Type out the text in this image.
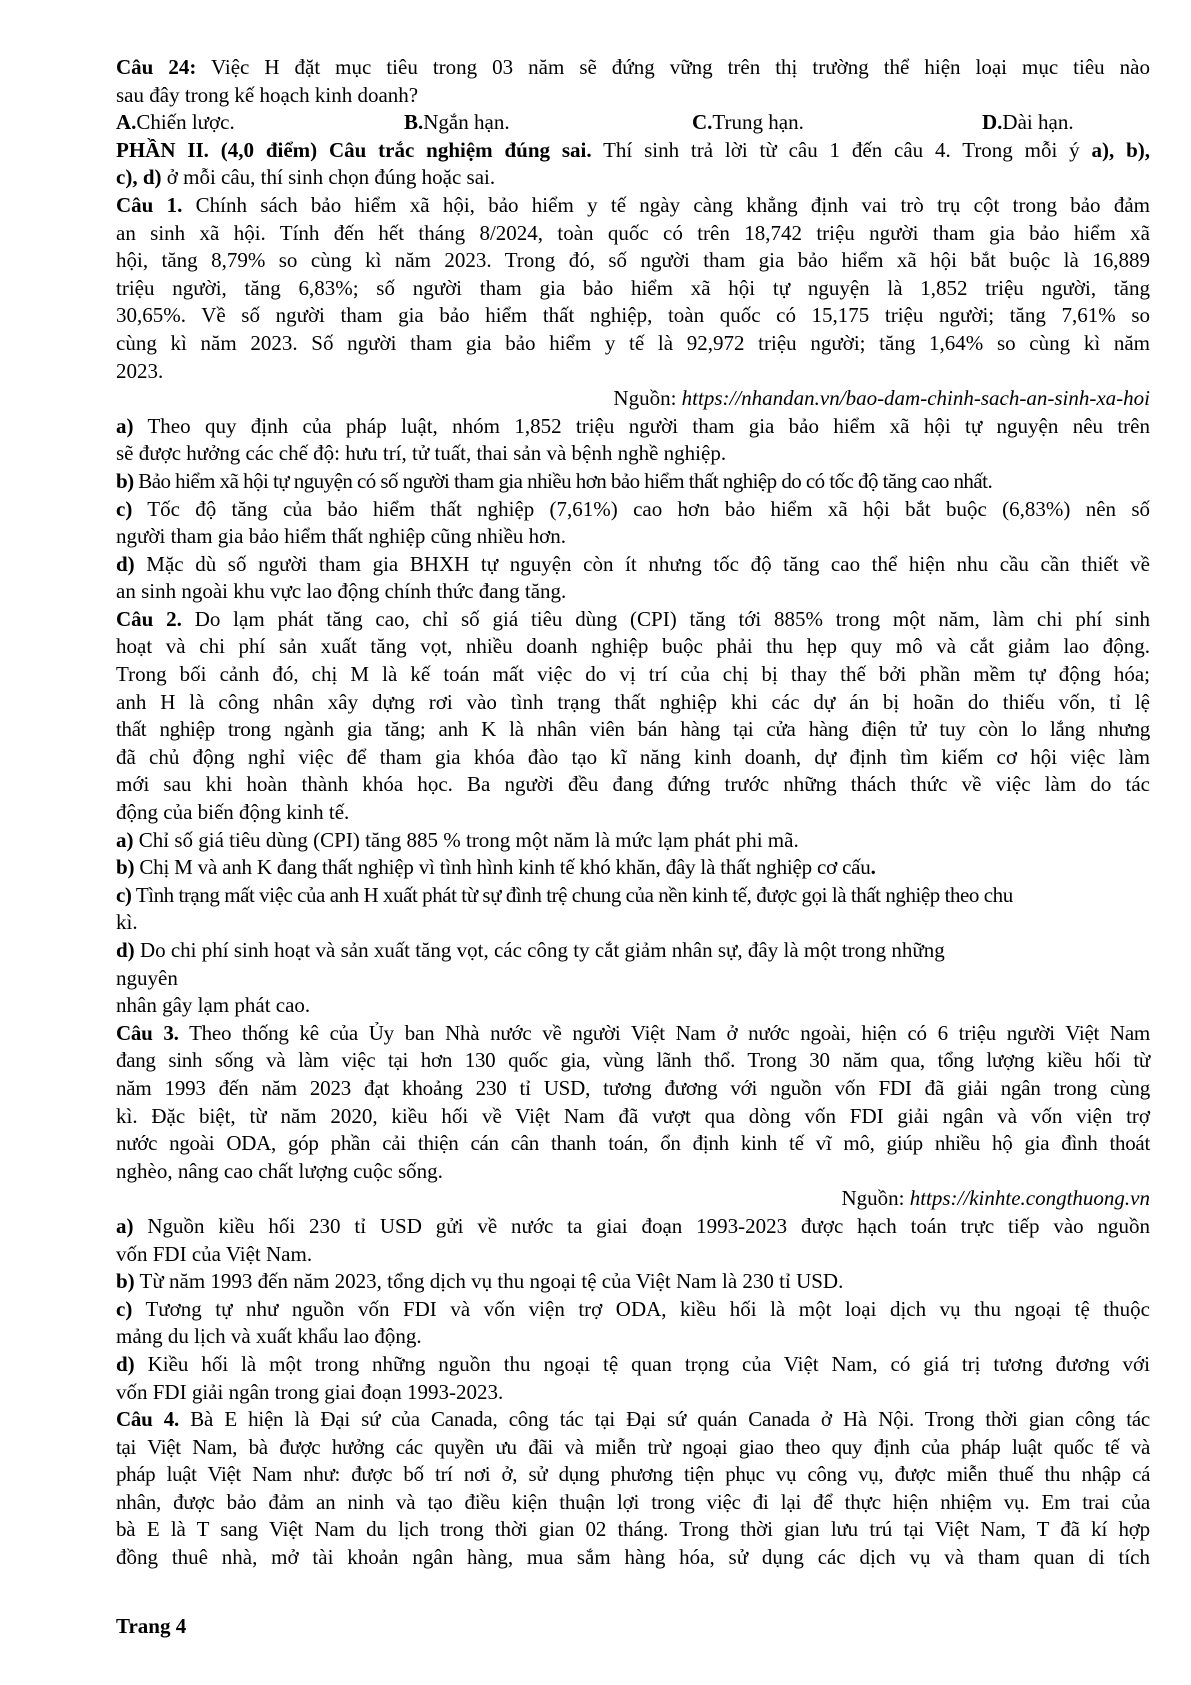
Câu 24: Việc H đặt mục tiêu trong 03 năm sẽ đứng vững trên thị trường thể hiện loại mục tiêu nào
sau đây trong kế hoạch kinh doanh?
A.Chiến lược.	B.Ngắn hạn.	C.Trung hạn.	D.Dài hạn.
PHẦN II. (4,0 điểm) Câu trắc nghiệm đúng sai. Thí sinh trả lời từ câu 1 đến câu 4. Trong mỗi ý a), b),
c), d) ở mỗi câu, thí sinh chọn đúng hoặc sai.
Câu 1. Chính sách bảo hiểm xã hội, bảo hiểm y tế ngày càng khẳng định vai trò trụ cột trong bảo đảm
an sinh xã hội. Tính đến hết tháng 8/2024, toàn quốc có trên 18,742 triệu người tham gia bảo hiểm xã
hội, tăng 8,79% so cùng kì năm 2023. Trong đó, số người tham gia bảo hiểm xã hội bắt buộc là 16,889
triệu người, tăng 6,83%; số người tham gia bảo hiểm xã hội tự nguyện là 1,852 triệu người, tăng
30,65%. Về số người tham gia bảo hiểm thất nghiệp, toàn quốc có 15,175 triệu người; tăng 7,61% so
cùng kì năm 2023. Số người tham gia bảo hiểm y tế là 92,972 triệu người; tăng 1,64% so cùng kì năm
2023.
Nguồn: https://nhandan.vn/bao-dam-chinh-sach-an-sinh-xa-hoi
a) Theo quy định của pháp luật, nhóm 1,852 triệu người tham gia bảo hiểm xã hội tự nguyện nêu trên
sẽ được hưởng các chế độ: hưu trí, tử tuất, thai sản và bệnh nghề nghiệp.
b) Bảo hiểm xã hội tự nguyện có số người tham gia nhiều hơn bảo hiểm thất nghiệp do có tốc độ tăng cao nhất.
c) Tốc độ tăng của bảo hiểm thất nghiệp (7,61%) cao hơn bảo hiểm xã hội bắt buộc (6,83%) nên số
người tham gia bảo hiểm thất nghiệp cũng nhiều hơn.
d) Mặc dù số người tham gia BHXH tự nguyện còn ít nhưng tốc độ tăng cao thể hiện nhu cầu cần thiết về
an sinh ngoài khu vực lao động chính thức đang tăng.
Câu 2. Do lạm phát tăng cao, chỉ số giá tiêu dùng (CPI) tăng tới 885% trong một năm, làm chi phí sinh
hoạt và chi phí sản xuất tăng vọt, nhiều doanh nghiệp buộc phải thu hẹp quy mô và cắt giảm lao động.
Trong bối cảnh đó, chị M là kế toán mất việc do vị trí của chị bị thay thế bởi phần mềm tự động hóa;
anh H là công nhân xây dựng rơi vào tình trạng thất nghiệp khi các dự án bị hoãn do thiếu vốn, tỉ lệ
thất nghiệp trong ngành gia tăng; anh K là nhân viên bán hàng tại cửa hàng điện tử tuy còn lo lắng nhưng
đã chủ động nghỉ việc để tham gia khóa đào tạo kĩ năng kinh doanh, dự định tìm kiếm cơ hội việc làm
mới sau khi hoàn thành khóa học. Ba người đều đang đứng trước những thách thức về việc làm do tác
động của biến động kinh tế.
a) Chỉ số giá tiêu dùng (CPI) tăng 885 % trong một năm là mức lạm phát phi mã.
b) Chị M và anh K đang thất nghiệp vì tình hình kinh tế khó khăn, đây là thất nghiệp cơ cấu.
c) Tình trạng mất việc của anh H xuất phát từ sự đình trệ chung của nền kinh tế, được gọi là thất nghiệp theo chu
kì.
d) Do chi phí sinh hoạt và sản xuất tăng vọt, các công ty cắt giảm nhân sự, đây là một trong những
nguyên
nhân gây lạm phát cao.
Câu 3. Theo thống kê của Ủy ban Nhà nước về người Việt Nam ở nước ngoài, hiện có 6 triệu người Việt Nam
đang sinh sống và làm việc tại hơn 130 quốc gia, vùng lãnh thổ. Trong 30 năm qua, tổng lượng kiều hối từ
năm 1993 đến năm 2023 đạt khoảng 230 tỉ USD, tương đương với nguồn vốn FDI đã giải ngân trong cùng
kì. Đặc biệt, từ năm 2020, kiều hối về Việt Nam đã vượt qua dòng vốn FDI giải ngân và vốn viện trợ
nước ngoài ODA, góp phần cải thiện cán cân thanh toán, ổn định kinh tế vĩ mô, giúp nhiều hộ gia đình thoát
nghèo, nâng cao chất lượng cuộc sống.
Nguồn: https://kinhte.congthuong.vn
a) Nguồn kiều hối 230 tỉ USD gửi về nước ta giai đoạn 1993-2023 được hạch toán trực tiếp vào nguồn
vốn FDI của Việt Nam.
b) Từ năm 1993 đến năm 2023, tổng dịch vụ thu ngoại tệ của Việt Nam là 230 tỉ USD.
c) Tương tự như nguồn vốn FDI và vốn viện trợ ODA, kiều hối là một loại dịch vụ thu ngoại tệ thuộc
mảng du lịch và xuất khẩu lao động.
d) Kiều hối là một trong những nguồn thu ngoại tệ quan trọng của Việt Nam, có giá trị tương đương với
vốn FDI giải ngân trong giai đoạn 1993-2023.
Câu 4. Bà E hiện là Đại sứ của Canada, công tác tại Đại sứ quán Canada ở Hà Nội. Trong thời gian công tác
tại Việt Nam, bà được hưởng các quyền ưu đãi và miễn trừ ngoại giao theo quy định của pháp luật quốc tế và
pháp luật Việt Nam như: được bố trí nơi ở, sử dụng phương tiện phục vụ công vụ, được miễn thuế thu nhập cá
nhân, được bảo đảm an ninh và tạo điều kiện thuận lợi trong việc đi lại để thực hiện nhiệm vụ. Em trai của
bà E là T sang Việt Nam du lịch trong thời gian 02 tháng. Trong thời gian lưu trú tại Việt Nam, T đã kí hợp
đồng thuê nhà, mở tài khoản ngân hàng, mua sắm hàng hóa, sử dụng các dịch vụ và tham quan di tích
Trang 4
